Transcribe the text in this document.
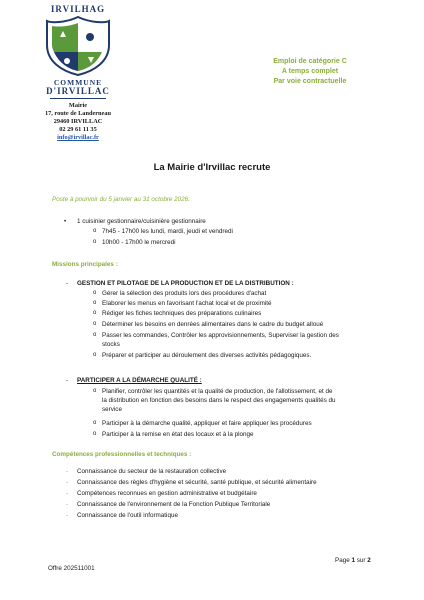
IRVILHAG
COMMUNE
D'IRVILLAC
Mairie
17, route de Landerneau
29460 IRVILLAC
02 29 61 11 35
info@irvillac.fr
Emploi de catégorie C
A temps complet
Par voie contractuelle
La Mairie d'Irvillac recrute
Poste à pourvoir du 5 janvier au 31 octobre 2026.
• 1 cuisinier gestionnaire/cuisinière gestionnaire
o 7h45 - 17h00 les lundi, mardi, jeudi et vendredi
o 10h00 - 17h00 le mercredi
Missions principales :
- GESTION ET PILOTAGE DE LA PRODUCTION ET DE LA DISTRIBUTION :
o Gérer la sélection des produits lors des procédures d'achat
o Elaborer les menus en favorisant l'achat local et de proximité
o Rédiger les fiches techniques des préparations culinaires
o Déterminer les besoins en denrées alimentaires dans le cadre du budget alloué
o Passer les commandes, Contrôler les approvisionnements, Superviser la gestion des
stocks
o Préparer et participer au déroulement des diverses activités pédagogiques.
- PARTICIPER A LA DÉMARCHE QUALITÉ :
o Planifier, contrôler les quantités et la qualité de production, de l'allotissement, et de
la distribution en fonction des besoins dans le respect des engagements qualités du
service
o Participer à la démarche qualité, appliquer et faire appliquer les procédures
o Participer à la remise en état des locaux et à la plonge
Compétences professionnelles et techniques :
- Connaissance du secteur de la restauration collective
- Connaissance des règles d'hygiène et sécurité, santé publique, et sécurité alimentaire
- Compétences reconnues en gestion administrative et budgétaire
- Connaissance de l'environnement de la Fonction Publique Territoriale
- Connaissance de l'outil informatique
Offre 202511001
Page 1 sur 2
